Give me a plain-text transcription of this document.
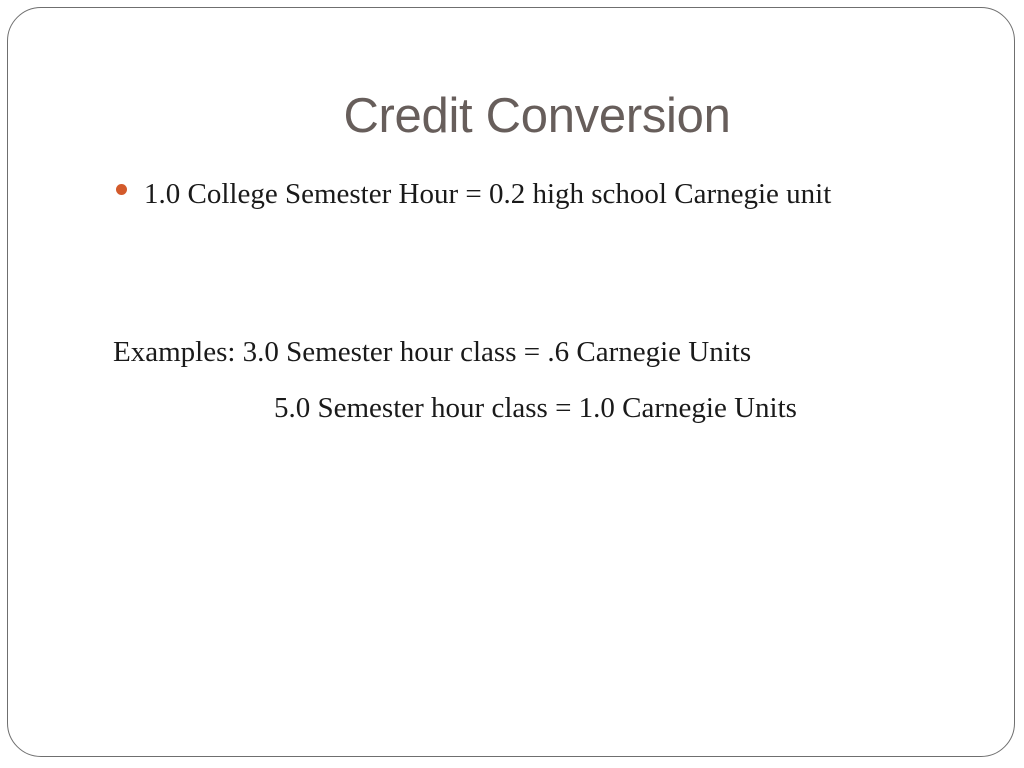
Credit Conversion
1.0 College Semester Hour = 0.2 high school Carnegie unit
Examples: 3.0 Semester hour class = .6 Carnegie Units
5.0 Semester hour class = 1.0 Carnegie Units
